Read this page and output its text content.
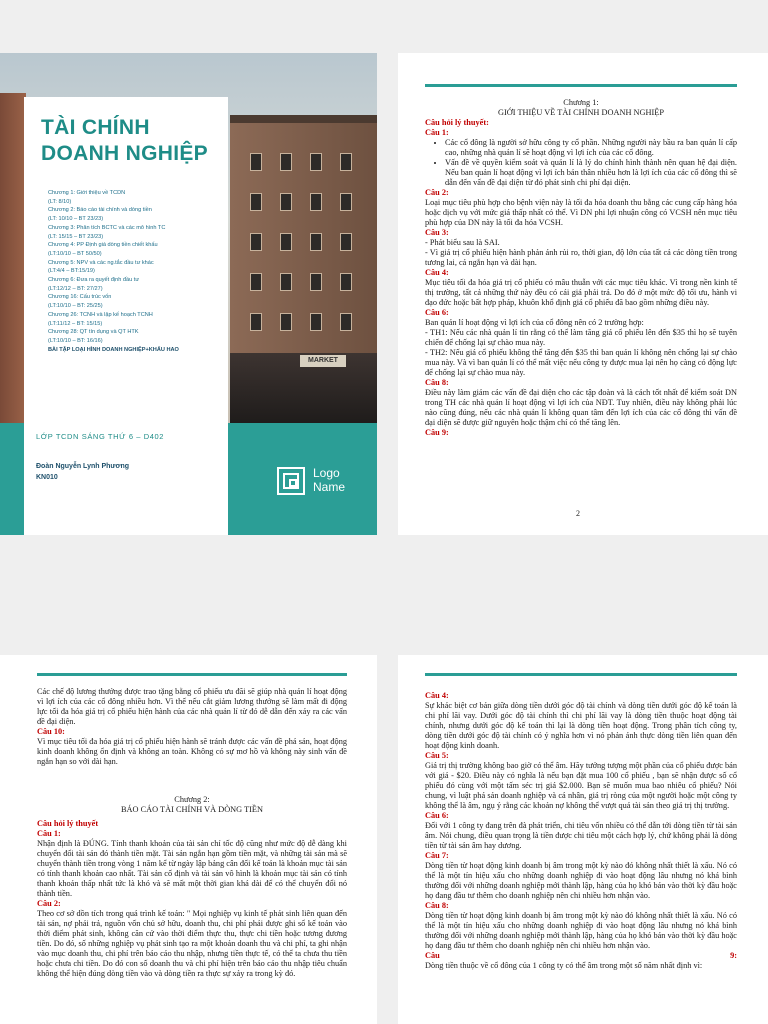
MARKET
TÀI CHÍNH
DOANH NGHIỆP
Chương 1: Giới thiệu về TCDN
(LT: 8/10)
Chương 2: Báo cáo tài chính và dòng tiền
(LT: 10/10 – BT 23/23)
Chương 3: Phân tích BCTC và các mô hình TC
(LT: 15/15 – BT 23/23)
Chương 4: PP Định giá dòng tiền chiết khấu
(LT:10/10 – BT 50/50)
Chương 5: NPV và các ng.tắc đầu tư khác
(LT:4/4 – BT:15/19)
Chương 6: Đưa ra quyết định đầu tư
(LT:12/12 – BT: 27/27)
Chương 16: Cấu trúc vốn
(LT:10/10 – BT: 25/25)
Chương 26: TCNH và lập kế hoạch TCNH
(LT:11/12 – BT: 15/15)
Chương 28: QT tín dụng và QT HTK
(LT:10/10 – BT: 16/16)
BÀI TẬP LOẠI HÌNH DOANH NGHIỆP+KHẤU HAO
LỚP TCDN SÁNG THỨ 6 – D402
Đoàn Nguyễn Lynh Phương
KN010	Logo
Name

Chương 1:

GIỚI THIỆU VỀ TÀI CHÍNH DOANH NGHIỆP

Câu hỏi lý thuyết:

Câu 1:

• Các cổ đông là người sở hữu công ty cổ phần. Những người này bầu ra ban quản lí cấp cao, những nhà quản lí sẽ hoạt động vì lợi ích của các cổ đông.
• Vấn đề về quyền kiểm soát và quản lí là lý do chính hình thành nên quan hệ đại diện. Nếu ban quản lí hoạt động vì lợi ích bản thân nhiều hơn là lợi ích của các cổ đông thì sẽ dẫn đến vấn đề đại diện từ đó phát sinh chi phí đại diện.

Câu 2:

Loại mục tiêu phù hợp cho bệnh viện này là tối đa hóa doanh thu bằng các cung cấp hàng hóa hoặc dịch vụ với mức giá thấp nhất có thể. Vì DN phi lợi nhuận công có VCSH nên mục tiêu phù hợp của DN này là tối đa hóa VCSH.

Câu 3:

- Phát biểu sau là SAI.

- Vì giá trị cổ phiếu hiện hành phản ánh rủi ro, thời gian, độ lớn của tất cả các dòng tiền trong tương lai, cả ngắn hạn và dài hạn.

Câu 4:

Mục tiêu tối đa hóa giá trị cổ phiếu có mâu thuẫn với các mục tiêu khác. Vì trong nền kinh tế thị trường, tất cả những thứ này đều có cái giá phải trả. Do đó ở một mức độ tối ưu, hành vi đạo đức hoặc bất hợp pháp, khuôn khổ định giá cổ phiếu đã bao gồm những điều này.

Câu 6:

Ban quản lí hoạt động vì lợi ích của cổ đông nên có 2 trường hợp:

- TH1: Nếu các nhà quản lí tin rằng có thể làm tăng giá cổ phiếu lên đến $35 thì họ sẽ tuyên chiến để chống lại sự chào mua này.

- TH2: Nếu giá cổ phiếu không thể tăng đến $35 thì ban quản lí không nên chống lại sự chào mua này. Và vì ban quản lí có thể mất việc nếu công ty được mua lại nên họ càng có động lực để chống lại sự chào mua này.

Câu 8:

Điều này làm giảm các vấn đề đại diện cho các tập đoàn và là cách tốt nhất để kiểm soát DN trong TH các nhà quản lí hoạt động vì lợi ích của NĐT. Tuy nhiên, điều này không phải lúc nào cũng đúng, nếu các nhà quản lí không quan tâm đến lợi ích của các cổ đông thì vấn đề đại diện sẽ được giữ nguyên hoặc thậm chí có thể tăng lên.

Câu 9:

2

Các chế độ lương thưởng được trao tặng bằng cổ phiếu ưu đãi sẽ giúp nhà quản lí hoạt động vì lợi ích của các cổ đông nhiều hơn. Vì thế nếu cắt giảm lương thưởng sẽ làm mất đi động lực tối đa hóa giá trị cổ phiếu hiện hành của các nhà quản lí từ đó dễ dẫn đến xảy ra các vấn đề đại diện.

Câu 10:

Vì mục tiêu tối đa hóa giá trị cổ phiếu hiện hành sẽ tránh được các vấn đề phá sản, hoạt động kinh doanh không ổn định và không an toàn. Không có sự mơ hồ và không này sinh vấn đề ngắn hạn so với dài hạn.

Chương 2:

BÁO CÁO TÀI CHÍNH VÀ DÒNG TIỀN

Câu hỏi lý thuyết

Câu 1:

Nhận định là ĐÚNG. Tính thanh khoản của tài sản chỉ tốc độ cũng như mức độ dễ dàng khi chuyển đổi tài sản đó thành tiền mặt. Tài sản ngắn hạn gồm tiền mặt, và những tài sản mà sẽ chuyển thành tiền trong vòng 1 năm kể từ ngày lập bảng cân đối kế toán là khoản mục tài sản có tính thanh khoản cao nhất. Tài sản cố định và tài sản vô hình là khoản mục tài sản có tính thanh khoản thấp nhất tức là khó và sẽ mất một thời gian khá dài để có thể chuyển đổi nó thành tiền.

Câu 2:

Theo cơ sở dồn tích trong quá trình kế toán: " Mọi nghiệp vụ kinh tế phát sinh liên quan đến tài sản, nợ phải trả, nguồn vốn chủ sở hữu, doanh thu, chi phí phải được ghi sổ kế toán vào thời điểm phát sinh, không căn cứ vào thời điểm thực thu, thực chi tiền hoặc tương đương tiền. Do đó, số những nghiệp vụ phát sinh tạo ra một khoản doanh thu và chi phí, ta ghi nhận vào mục doanh thu, chi phí trên báo cáo thu nhập, nhưng tiền thực tế, có thể ta chưa thu tiền hoặc chưa chi tiền. Do đó con số doanh thu và chi phí hiện trên báo cáo thu nhập tiêu chuẩn không thể hiện đúng dòng tiền vào và dòng tiền ra thực sự xảy ra trong kỳ đó.

Câu 4:

Sự khác biệt cơ bản giữa dòng tiền dưới góc độ tài chính và dòng tiền dưới góc độ kế toán là chi phí lãi vay. Dưới góc độ tài chính thì chi phí lãi vay là dòng tiền thuộc hoạt động tài chính, nhưng dưới góc độ kế toán thì lại là dòng tiền hoạt động. Trong phân tích công ty, dòng tiền dưới góc độ tài chính có ý nghĩa hơn vì nó phản ánh thực dòng tiền liên quan đến hoạt động kinh doanh.

Câu 5:

Giá trị thị trường không bao giờ có thể âm. Hãy tưởng tượng một phần của cổ phiếu được bán với giá - $20. Điều này có nghĩa là nếu bạn đặt mua 100 cổ phiếu , bạn sẽ nhận được số cổ phiếu đó cùng với một tấm séc trị giá $2.000. Bạn sẽ muốn mua bao nhiêu cổ phiếu? Nói chung, vì luật phá sản doanh nghiệp và cá nhân, giá trị ròng của một người hoặc một công ty không thể là âm, ngụ ý rằng các khoản nợ không thể vượt quá tài sản theo giá trị thị trường.

Câu 6:

Đối với 1 công ty đang trên đà phát triển, chi tiêu vốn nhiều có thể dẫn tới dòng tiền từ tài sản âm. Nói chung, điều quan trọng là tiền được chi tiêu một cách hợp lý, chứ không phải là dòng tiền từ tài sản âm hay dương.

Câu 7:

Dòng tiền từ hoạt động kinh doanh bị âm trong một kỳ nào đó không nhất thiết là xấu. Nó có thể là một tín hiệu xấu cho những doanh nghiệp đi vào hoạt động lâu nhưng nó khá bình thường đối với những doanh nghiệp mới thành lập, hàng của họ khó bán vào thời kỳ đầu hoặc họ đang đầu tư thêm cho doanh nghiệp nên chi nhiều hơn nhận vào.

Câu 8:

Dòng tiền từ hoạt động kinh doanh bị âm trong một kỳ nào đó không nhất thiết là xấu. Nó có thể là một tín hiệu xấu cho những doanh nghiệp đi vào hoạt động lâu nhưng nó khá bình thường đối với những doanh nghiệp mới thành lập, hàng của họ khó bán vào thời kỳ đầu hoặc họ đang đầu tư thêm cho doanh nghiệp nên chi nhiều hơn nhận vào.

Câu	9:

Dòng tiền thuộc về cổ đông của 1 công ty có thể âm trong một số năm nhất định vì:
